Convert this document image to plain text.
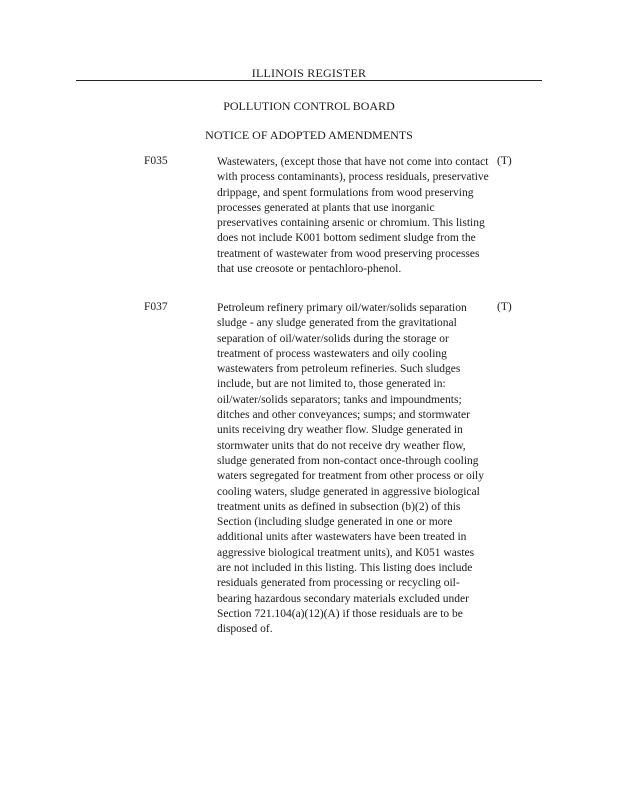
ILLINOIS REGISTER
POLLUTION CONTROL BOARD
NOTICE OF ADOPTED AMENDMENTS
F035	Wastewaters, (except those that have not come into contact with process contaminants), process residuals, preservative drippage, and spent formulations from wood preserving processes generated at plants that use inorganic preservatives containing arsenic or chromium. This listing does not include K001 bottom sediment sludge from the treatment of wastewater from wood preserving processes that use creosote or pentachloro-phenol.
(T)
F037	Petroleum refinery primary oil/water/solids separation sludge - any sludge generated from the gravitational separation of oil/water/solids during the storage or treatment of process wastewaters and oily cooling wastewaters from petroleum refineries. Such sludges include, but are not limited to, those generated in: oil/water/solids separators; tanks and impoundments; ditches and other conveyances; sumps; and stormwater units receiving dry weather flow. Sludge generated in stormwater units that do not receive dry weather flow, sludge generated from non-contact once-through cooling waters segregated for treatment from other process or oily cooling waters, sludge generated in aggressive biological treatment units as defined in subsection (b)(2) of this Section (including sludge generated in one or more additional units after wastewaters have been treated in aggressive biological treatment units), and K051 wastes are not included in this listing. This listing does include residuals generated from processing or recycling oil-bearing hazardous secondary materials excluded under Section 721.104(a)(12)(A) if those residuals are to be disposed of.
(T)
